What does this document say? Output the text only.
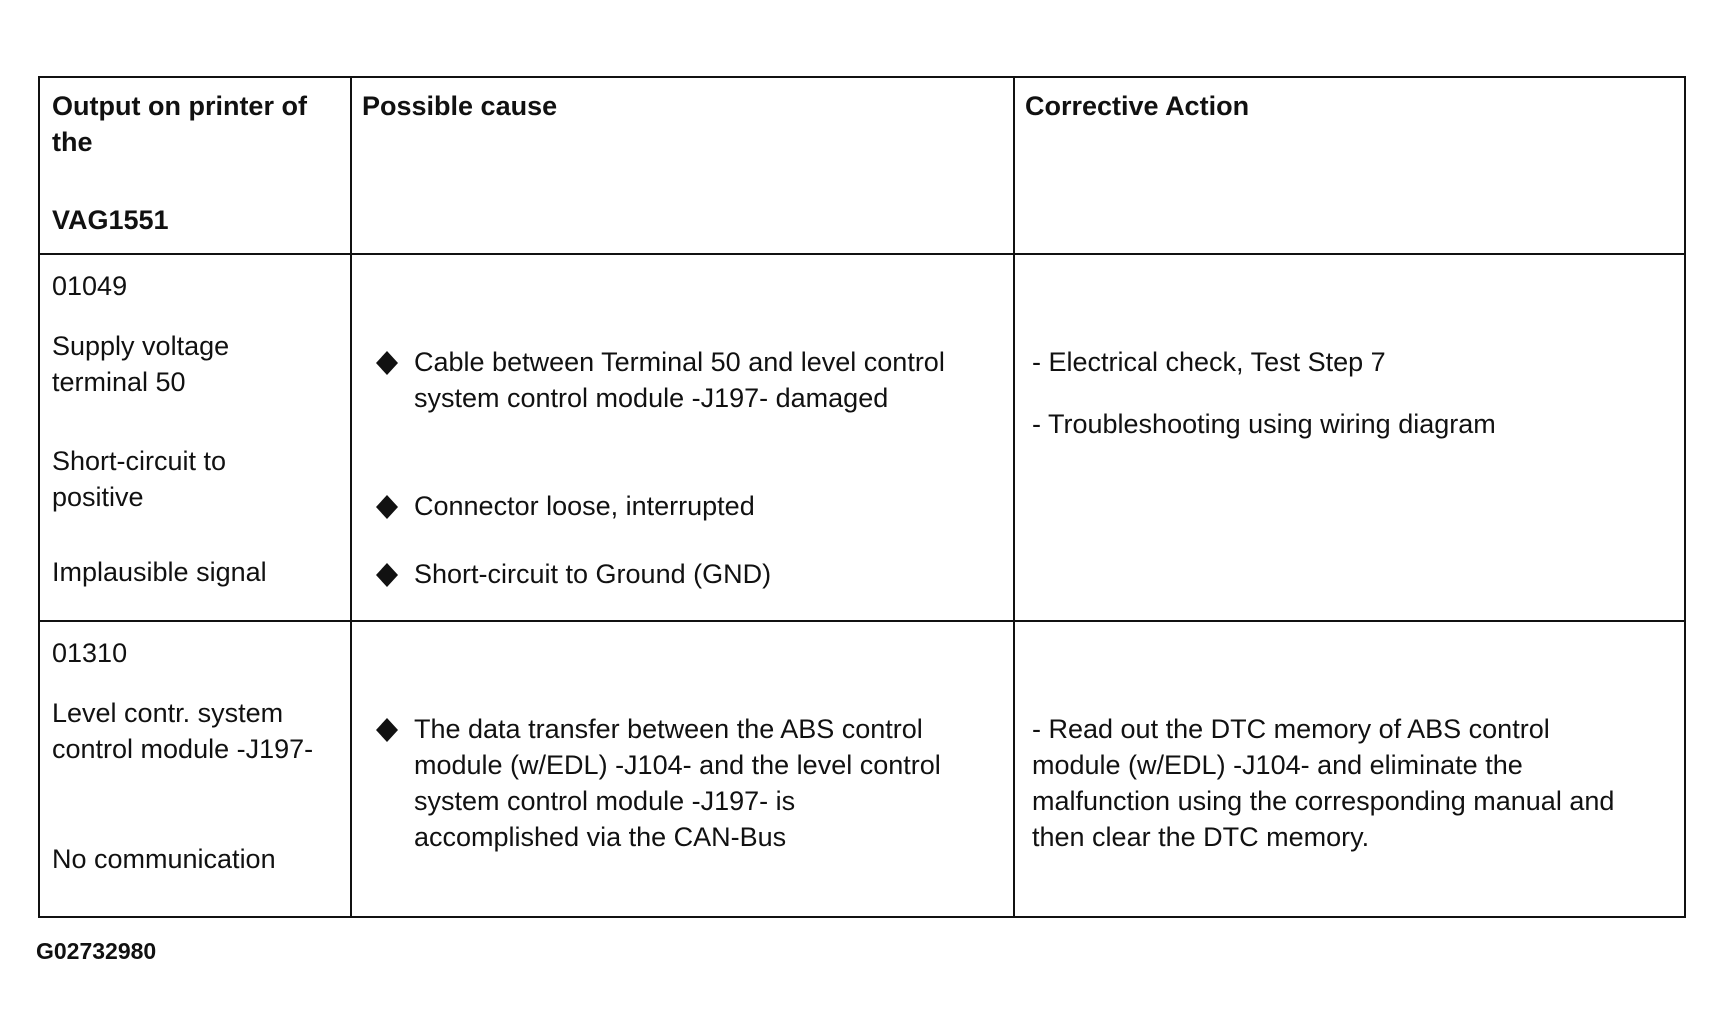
Output on printer of
the
VAG1551
Possible cause	Corrective Action
01049
Supply voltage
terminal 50
Short-circuit to
positive
Implausible signal
Cable between Terminal 50 and level control
system control module -J197- damaged
Connector loose, interrupted
Short-circuit to Ground (GND)
- Electrical check, Test Step 7
- Troubleshooting using wiring diagram
01310
Level contr. system
control module -J197-
No communication
The data transfer between the ABS control
module (w/EDL) -J104- and the level control
system control module -J197- is
accomplished via the CAN-Bus
- Read out the DTC memory of ABS control
module (w/EDL) -J104- and eliminate the
malfunction using the corresponding manual and
then clear the DTC memory.
G02732980
